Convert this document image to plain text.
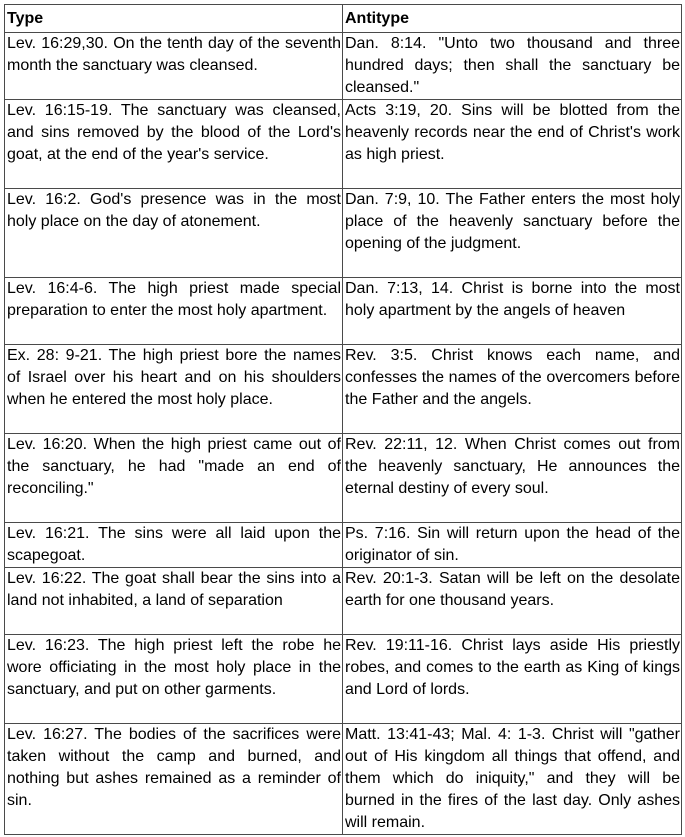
Type	Antitype
Lev. 16:29,30. On the tenth day of the seventh month the sanctuary was cleansed.	Dan. 8:14. "Unto two thousand and three hundred days; then shall the sanctuary be cleansed."
Lev. 16:15-19. The sanctuary was cleansed, and sins removed by the blood of the Lord's goat, at the end of the year's service.	Acts 3:19, 20. Sins will be blotted from the heavenly records near the end of Christ's work as high priest.
Lev. 16:2. God's presence was in the most holy place on the day of atonement.	Dan. 7:9, 10. The Father enters the most holy place of the heavenly sanctuary before the opening of the judgment.
Lev. 16:4-6. The high priest made special preparation to enter the most holy apartment.	Dan. 7:13, 14. Christ is borne into the most holy apartment by the angels of heaven
Ex. 28: 9-21. The high priest bore the names of Israel over his heart and on his shoulders when he entered the most holy place.	Rev. 3:5. Christ knows each name, and confesses the names of the overcomers before the Father and the angels.
Lev. 16:20. When the high priest came out of the sanctuary, he had "made an end of reconciling."	Rev. 22:11, 12. When Christ comes out from the heavenly sanctuary, He announces the eternal destiny of every soul.
Lev. 16:21. The sins were all laid upon the scapegoat.	Ps. 7:16. Sin will return upon the head of the originator of sin.
Lev. 16:22. The goat shall bear the sins into a land not inhabited, a land of separation	Rev. 20:1-3. Satan will be left on the desolate earth for one thousand years.
Lev. 16:23. The high priest left the robe he wore officiating in the most holy place in the sanctuary, and put on other garments.	Rev. 19:11-16. Christ lays aside His priestly robes, and comes to the earth as King of kings and Lord of lords.
Lev. 16:27. The bodies of the sacrifices were taken without the camp and burned, and nothing but ashes remained as a reminder of sin.	Matt. 13:41-43; Mal. 4: 1-3. Christ will "gather out of His kingdom all things that offend, and them which do iniquity," and they will be burned in the fires of the last day. Only ashes will remain.
